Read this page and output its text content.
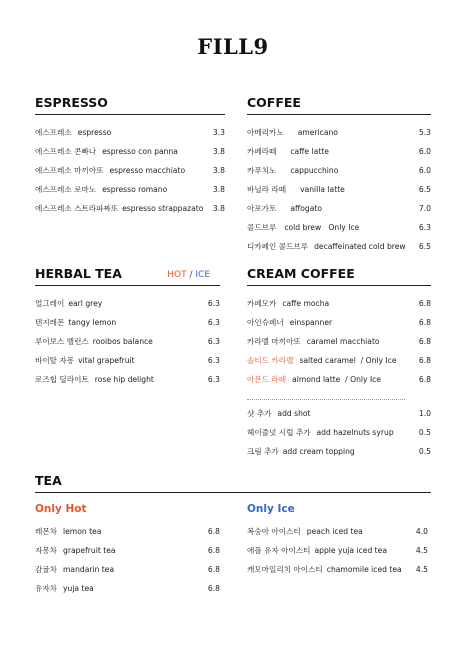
FILL9
ESPRESSO
에스프레소 espresso	3.3
에스프레소 콘빠나 espresso con panna	3.8
에스프레소 마끼아또 espresso macchiato	3.8
에스프레소 로마노 espresso romano	3.8
에스프레소 스트라파짜또 espresso strappazato 3.8
COFFEE
아메리카노 americano	5.3
카페라떼 caffe latte	6.0
카푸치노 cappucchino	6.0
바닐라 라떼 vanilla latte	6.5
아포가토 affogato	7.0
콜드브루 cold brew   Only Ice	6.3
디카페인 콜드브루 decaffeinated cold brew 6.5
HERBAL TEA	HOT / ICE
얼그레이 earl grey	6.3
텐지레몬 tangy lemon	6.3
루이보스 밸런스 rooibos balance	6.3
바이탈 자몽 vital grapefruit	6.3
로즈힙 딜라이트 rose hip delight	6.3
CREAM COFFEE
카페모카 caffe mocha	6.8
아인슈페너 einspanner	6.8
카라멜 마끼아또 caramel macchiato	6.8
솔티드 카라멜 salted caramel  / Only Ice	6.8
아몬드 라떼 almond latte  / Only Ice	6.8
샷 추가 add shot	1.0
헤이즐넛 시럽 추가 add hazelnuts syrup	0.5
크림 추가 add cream topping	0.5
TEA
Only Hot
레몬차 lemon tea	6.8
자몽차 grapefruit tea	6.8
감귤차 mandarin tea	6.8
유자차 yuja tea	6.8
Only Ice
복숭아 아이스티 peach iced tea	4.0
애플 유자 아이스티 apple yuja iced tea	4.5
캐모마일리치 아이스티 chamomile iced tea 4.5
